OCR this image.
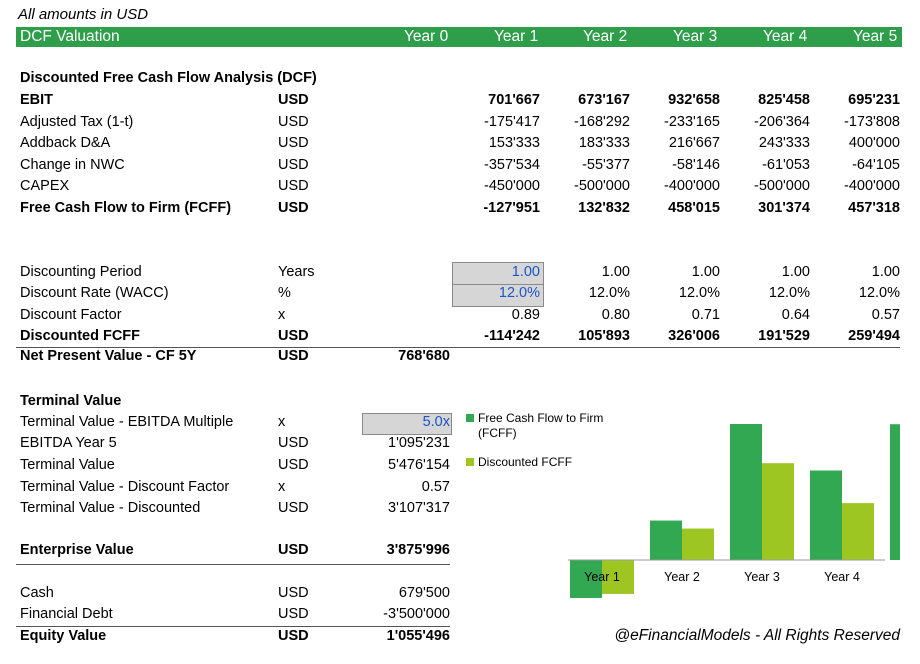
All amounts in USD
DCF Valuation	Year 0	Year 1	Year 2	Year 3	Year 4	Year 5
Discounted Free Cash Flow Analysis (DCF)
EBIT	USD	701'667	673'167	932'658	825'458	695'231
Adjusted Tax (1-t)	USD	-175'417 -168'292 -233'165 -206'364 -173'808
Addback D&A	USD	153'333	183'333	216'667	243'333	400'000
Change in NWC	USD	-357'534	-55'377	-58'146	-61'053	-64'105
CAPEX	USD	-450'000 -500'000 -400'000 -500'000 -400'000
Free Cash Flow to Firm (FCFF)	USD	-127'951	132'832	458'015	301'374	457'318
Discounting Period	Years	1.00	1.00	1.00	1.00	1.00
Discount Rate (WACC)	%	12.0%	12.0%	12.0%	12.0%	12.0%
Discount Factor	x	0.89	0.80	0.71	0.64	0.57
Discounted FCFF	USD	-114'242	105'893	326'006	191'529	259'494
Net Present Value - CF 5Y	USD	768'680
Terminal Value
Terminal Value - EBITDA Multiple	x	5.0x
EBITDA Year 5	USD	1'095'231
Terminal Value	USD	5'476'154
Terminal Value - Discount Factor	x	0.57
Terminal Value - Discounted	USD	3'107'317
Enterprise Value	USD	3'875'996
Cash	USD	679'500
Financial Debt	USD	-3'500'000
Equity Value	USD	1'055'496
Year 1	Year 2	Year 3	Year 4
Free Cash Flow to Firm
(FCFF)
Discounted FCFF
@eFinancialModels - All Rights Reserved
